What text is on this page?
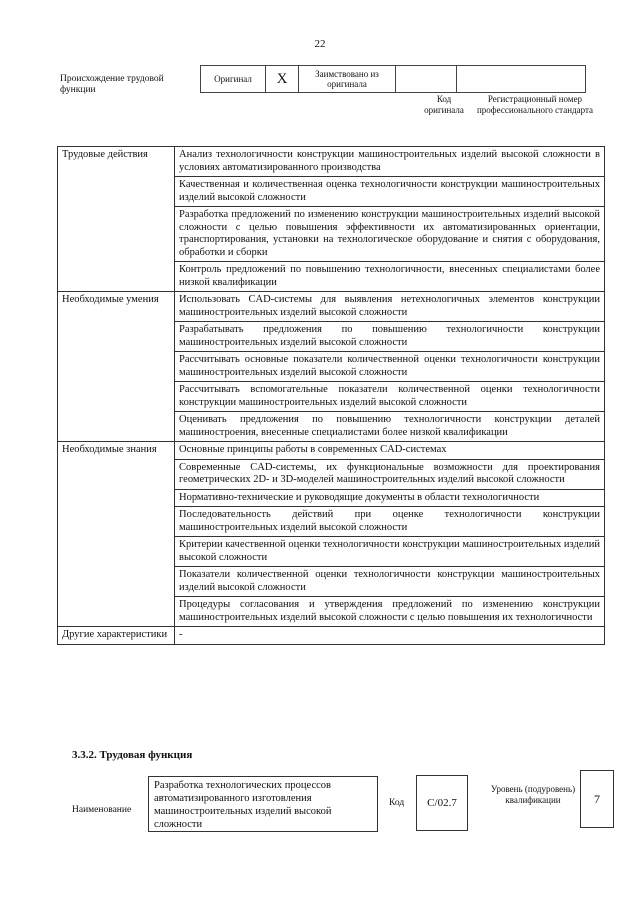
22
Происхождение трудовой функции
Оригинал	X	Заимствовано из оригинала		
Код оригинала
Регистрационный номер профессионального стандарта
Трудовые действия	Анализ технологичности конструкции машиностроительных изделий высокой сложности в условиях автоматизированного производства
	Качественная и количественная оценка технологичности конструкции машиностроительных изделий высокой сложности
	Разработка предложений по изменению конструкции машиностроительных изделий высокой сложности с целью повышения эффективности их автоматизированных ориентации, транспортирования, установки на технологическое оборудование и снятия с оборудования, обработки и сборки
	Контроль предложений по повышению технологичности, внесенных специалистами более низкой квалификации
Необходимые умения	Использовать CAD-системы для выявления нетехнологичных элементов конструкции машиностроительных изделий высокой сложности
	Разрабатывать предложения по повышению технологичности конструкции машиностроительных изделий высокой сложности
	Рассчитывать основные показатели количественной оценки технологичности конструкции машиностроительных изделий высокой сложности
	Рассчитывать вспомогательные показатели количественной оценки технологичности конструкции машиностроительных изделий высокой сложности
	Оценивать предложения по повышению технологичности конструкции деталей машиностроения, внесенные специалистами более низкой квалификации
Необходимые знания	Основные принципы работы в современных CAD-системах
	Современные CAD-системы, их функциональные возможности для проектирования геометрических 2D- и 3D-моделей машиностроительных изделий высокой сложности
	Нормативно-технические и руководящие документы в области технологичности
	Последовательность действий при оценке технологичности конструкции машиностроительных изделий высокой сложности
	Критерии качественной оценки технологичности конструкции машиностроительных изделий высокой сложности
	Показатели количественной оценки технологичности конструкции машиностроительных изделий высокой сложности
	Процедуры согласования и утверждения предложений по изменению конструкции машиностроительных изделий высокой сложности с целью повышения их технологичности
Другие характеристики	-
3.3.2. Трудовая функция
Наименование
Разработка технологических процессов автоматизированного изготовления машиностроительных изделий высокой сложности
Код	С/02.7
Уровень (подуровень) квалификации	7
